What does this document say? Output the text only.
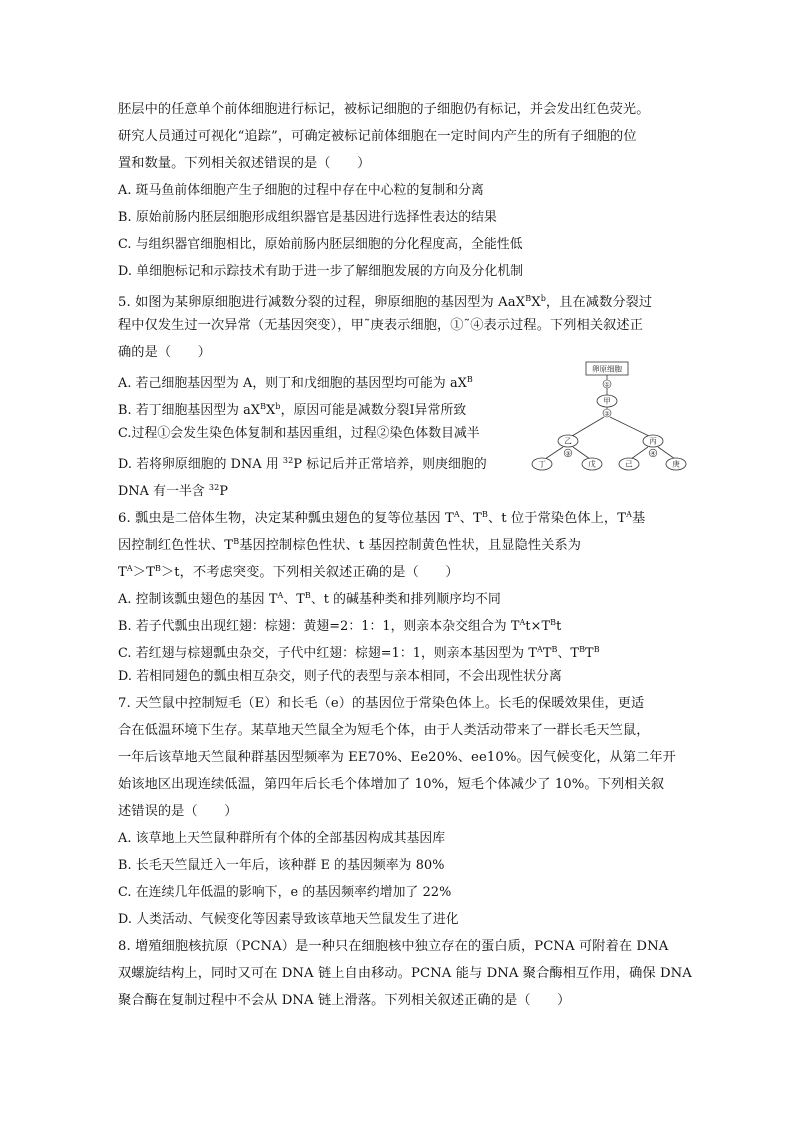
胚层中的任意单个前体细胞进行标记，被标记细胞的子细胞仍有标记，并会发出红色荧光。
研究人员通过可视化“追踪”，可确定被标记前体细胞在一定时间内产生的所有子细胞的位
置和数量。下列相关叙述错误的是（　　）
A. 斑马鱼前体细胞产生子细胞的过程中存在中心粒的复制和分离
B. 原始前肠内胚层细胞形成组织器官是基因进行选择性表达的结果
C. 与组织器官细胞相比，原始前肠内胚层细胞的分化程度高，全能性低
D. 单细胞标记和示踪技术有助于进一步了解细胞发展的方向及分化机制
5. 如图为某卵原细胞进行减数分裂的过程，卵原细胞的基因型为 $AaX^BX^b$，且在减数分裂过
程中仅发生过一次异常（无基因突变），甲˜庚表示细胞，①˜④表示过程。下列相关叙述正
确的是（　　）
A. 若己细胞基因型为 A，则丁和戊细胞的基因型均可能为 $aX^B$
B. 若丁细胞基因型为 $aX^BX^b$，原因可能是减数分裂Ⅰ异常所致
C.过程①会发生染色体复制和基因重组，过程②染色体数目减半
D. 若将卵原细胞的 DNA 用 $^{32}$P 标记后并正常培养，则庚细胞的
DNA 有一半含 $^{32}$P
卵原细胞
①
甲
②
乙	丙
③	④
丁	戊	己	庚
6. 瓢虫是二倍体生物，决定某种瓢虫翅色的复等位基因 $T^A$、$T^B$、t 位于常染色体上，$T^A$基
因控制红色性状、$T^B$基因控制棕色性状、t 基因控制黄色性状，且显隐性关系为
$T^A>T^B>t$，不考虑突变。下列相关叙述正确的是（　　）
A. 控制该瓢虫翅色的基因 $T^A$、$T^B$、t 的碱基种类和排列顺序均不同
B. 若子代瓢虫出现红翅：棕翅：黄翅=2：1：1，则亲本杂交组合为 $T^At\times T^Bt$
C. 若红翅与棕翅瓢虫杂交，子代中红翅：棕翅=1：1，则亲本基因型为 $T^AT^B$、$T^BT^B$
D. 若相同翅色的瓢虫相互杂交，则子代的表型与亲本相同，不会出现性状分离
7. 天竺鼠中控制短毛（E）和长毛（e）的基因位于常染色体上。长毛的保暖效果佳，更适
合在低温环境下生存。某草地天竺鼠全为短毛个体，由于人类活动带来了一群长毛天竺鼠，
一年后该草地天竺鼠种群基因型频率为 EE70%、Ee20%、ee10%。因气候变化，从第二年开
始该地区出现连续低温，第四年后长毛个体增加了 10%，短毛个体减少了 10%。下列相关叙
述错误的是（　　）
A. 该草地上天竺鼠种群所有个体的全部基因构成其基因库
B. 长毛天竺鼠迁入一年后，该种群 E 的基因频率为 80%
C. 在连续几年低温的影响下，e 的基因频率约增加了 22%
D. 人类活动、气候变化等因素导致该草地天竺鼠发生了进化
8. 增殖细胞核抗原（PCNA）是一种只在细胞核中独立存在的蛋白质，PCNA 可附着在 DNA
双螺旋结构上，同时又可在 DNA 链上自由移动。PCNA 能与 DNA 聚合酶相互作用，确保 DNA
聚合酶在复制过程中不会从 DNA 链上滑落。下列相关叙述正确的是（　　）
